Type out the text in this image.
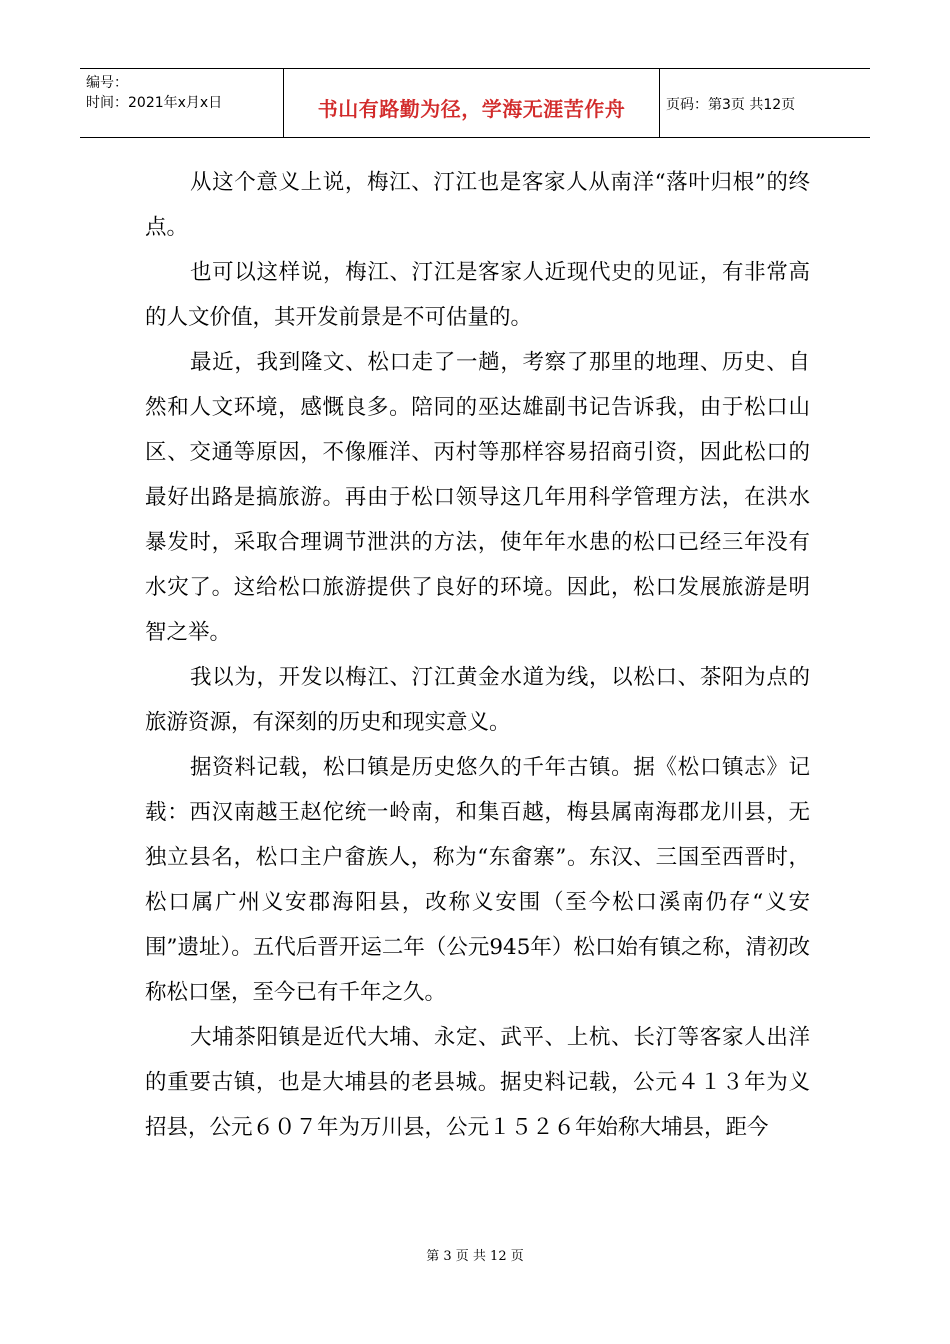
编号：
时间：2021年x月x日	书山有路勤为径，学海无涯苦作舟	页码：第3页 共12页

从这个意义上说，梅江、汀江也是客家人从南洋“落叶归根”的终点。

也可以这样说，梅江、汀江是客家人近现代史的见证，有非常高的人文价值，其开发前景是不可估量的。

最近，我到隆文、松口走了一趟，考察了那里的地理、历史、自然和人文环境，感慨良多。陪同的巫达雄副书记告诉我，由于松口山区、交通等原因，不像雁洋、丙村等那样容易招商引资，因此松口的最好出路是搞旅游。再由于松口领导这几年用科学管理方法，在洪水暴发时，采取合理调节泄洪的方法，使年年水患的松口已经三年没有水灾了。这给松口旅游提供了良好的环境。因此，松口发展旅游是明智之举。

我以为，开发以梅江、汀江黄金水道为线，以松口、茶阳为点的旅游资源，有深刻的历史和现实意义。

据资料记载，松口镇是历史悠久的千年古镇。据《松口镇志》记载：西汉南越王赵佗统一岭南，和集百越，梅县属南海郡龙川县，无独立县名，松口主户畲族人，称为“东畲寨”。东汉、三国至西晋时，松口属广州义安郡海阳县，改称义安围（至今松口溪南仍存“义安围”遗址）。五代后晋开运二年（公元945年）松口始有镇之称，清初改称松口堡，至今已有千年之久。

大埔茶阳镇是近代大埔、永定、武平、上杭、长汀等客家人出洋的重要古镇，也是大埔县的老县城。据史料记载，公元４１３年为义招县，公元６０７年为万川县，公元１５２６年始称大埔县，距今

第 3 页 共 12 页
